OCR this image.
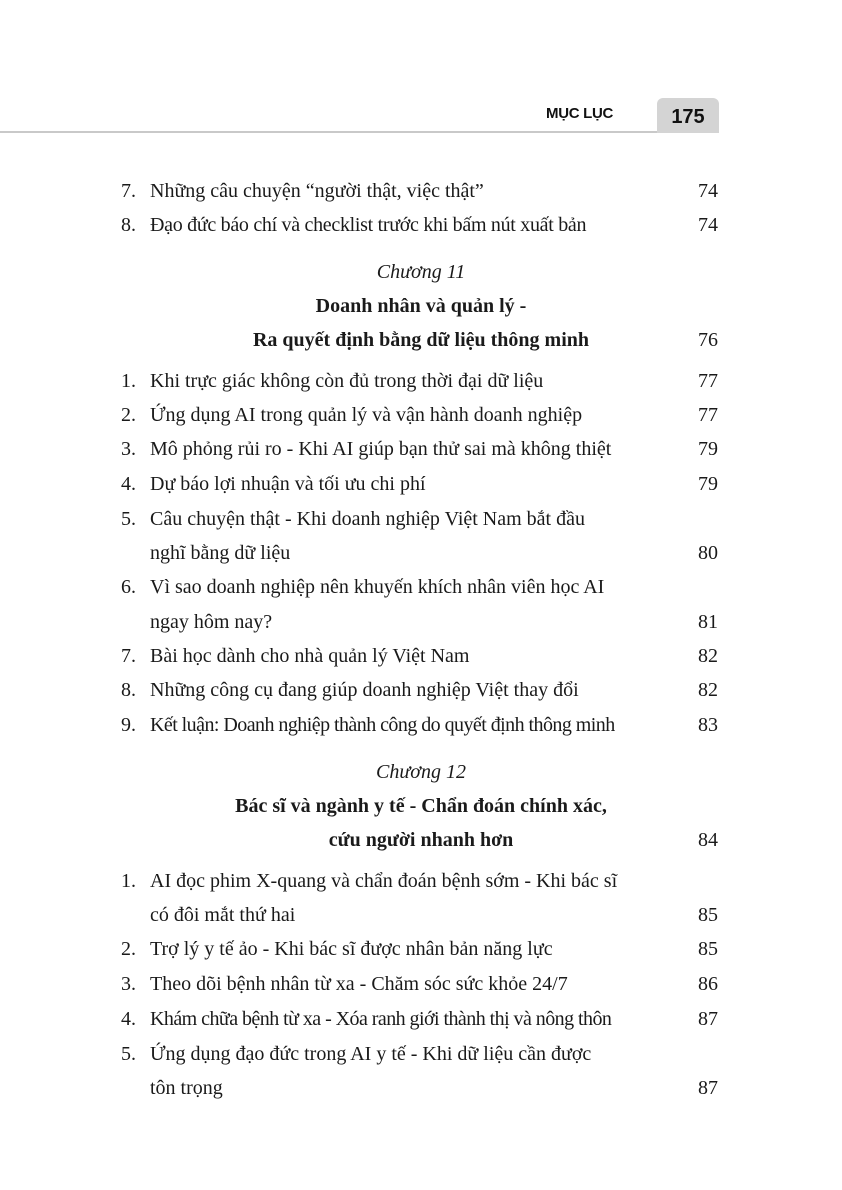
MỤC LỤC	175
7. Những câu chuyện “người thật, việc thật”	74
8. Đạo đức báo chí và checklist trước khi bấm nút xuất bản	74
Chương 11
Doanh nhân và quản lý -
Ra quyết định bằng dữ liệu thông minh	76
1. Khi trực giác không còn đủ trong thời đại dữ liệu	77
2. Ứng dụng AI trong quản lý và vận hành doanh nghiệp	77
3. Mô phỏng rủi ro - Khi AI giúp bạn thử sai mà không thiệt	79
4. Dự báo lợi nhuận và tối ưu chi phí	79
5. Câu chuyện thật - Khi doanh nghiệp Việt Nam bắt đầu
nghĩ bằng dữ liệu	80
6. Vì sao doanh nghiệp nên khuyến khích nhân viên học AI
ngay hôm nay?	81
7. Bài học dành cho nhà quản lý Việt Nam	82
8. Những công cụ đang giúp doanh nghiệp Việt thay đổi	82
9. Kết luận: Doanh nghiệp thành công do quyết định thông minh	83
Chương 12
Bác sĩ và ngành y tế - Chẩn đoán chính xác,
cứu người nhanh hơn	84
1. AI đọc phim X-quang và chẩn đoán bệnh sớm - Khi bác sĩ
có đôi mắt thứ hai	85
2. Trợ lý y tế ảo - Khi bác sĩ được nhân bản năng lực	85
3. Theo dõi bệnh nhân từ xa - Chăm sóc sức khỏe 24/7	86
4. Khám chữa bệnh từ xa - Xóa ranh giới thành thị và nông thôn	87
5. Ứng dụng đạo đức trong AI y tế - Khi dữ liệu cần được
tôn trọng	87
